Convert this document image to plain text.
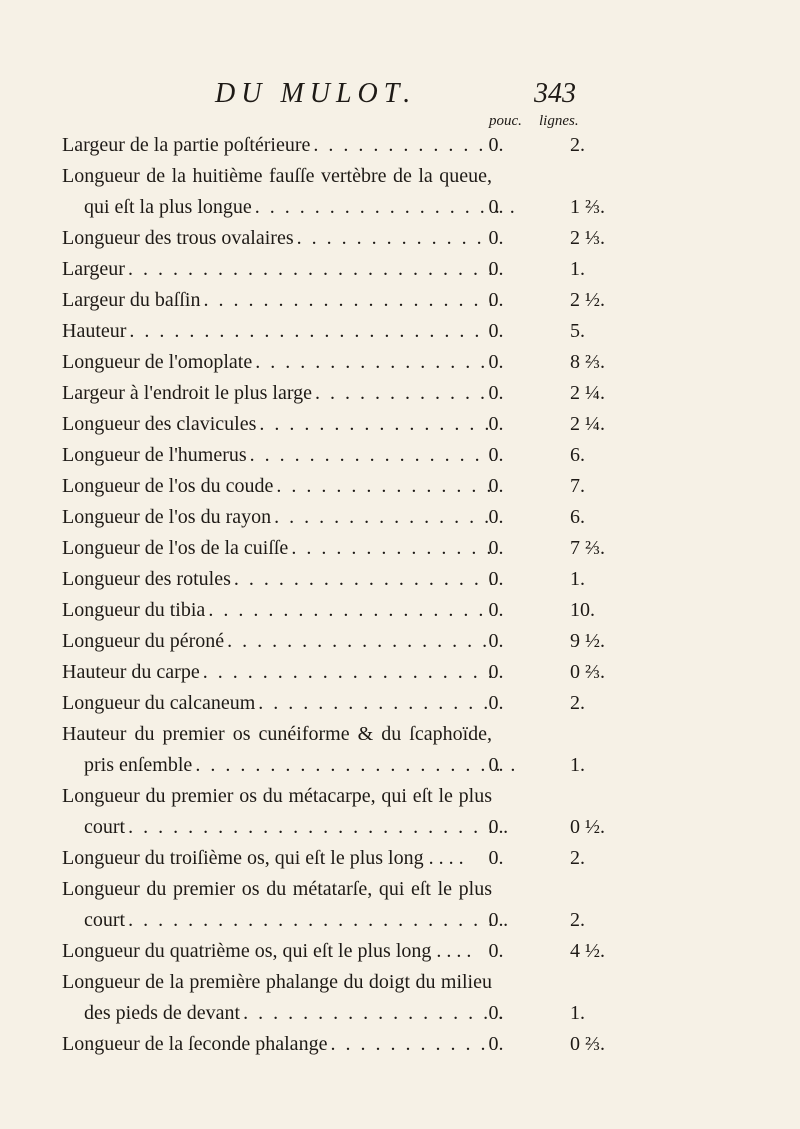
DU MULOT.	343
pouc. lignes.
Largeur de la partie poſtérieure . . .	0.	2.
Longueur de la huitième fauſſe vertèbre de la queue,
qui eſt la plus longue . . .	0.	1 ⅔.
Longueur des trous ovalaires . . .	0.	2 ⅓.
Largeur . . .	0.	1.
Largeur du baſſin . . .	0.	2 ½.
Hauteur . . .	0.	5.
Longueur de l'omoplate . . .	0.	8 ⅔.
Largeur à l'endroit le plus large . . .	0.	2 ¼.
Longueur des clavicules . . .	0.	2 ¼.
Longueur de l'humerus . . .	0.	6.
Longueur de l'os du coude . . .	0.	7.
Longueur de l'os du rayon . . .	0.	6.
Longueur de l'os de la cuiſſe . . .	0.	7 ⅔.
Longueur des rotules . . .	0.	1.
Longueur du tibia . . .	0.	10.
Longueur du péroné . . .	0.	9 ½.
Hauteur du carpe . . .	0.	0 ⅔.
Longueur du calcaneum . . .	0.	2.
Hauteur du premier os cunéiforme & du ſcaphoïde,
pris enſemble . . .	0.	1.
Longueur du premier os du métacarpe, qui eſt le plus
court . . .	0.	0 ½.
Longueur du troiſième os, qui eſt le plus long . . . . 0.	2.
Longueur du premier os du métatarſe, qui eſt le plus
court . . .	0.	2.
Longueur du quatrième os, qui eſt le plus long . . . . 0.	4 ½.
Longueur de la première phalange du doigt du milieu
des pieds de devant . . .	0.	1.
Longueur de la ſeconde phalange . . .	0.	0 ⅔.
